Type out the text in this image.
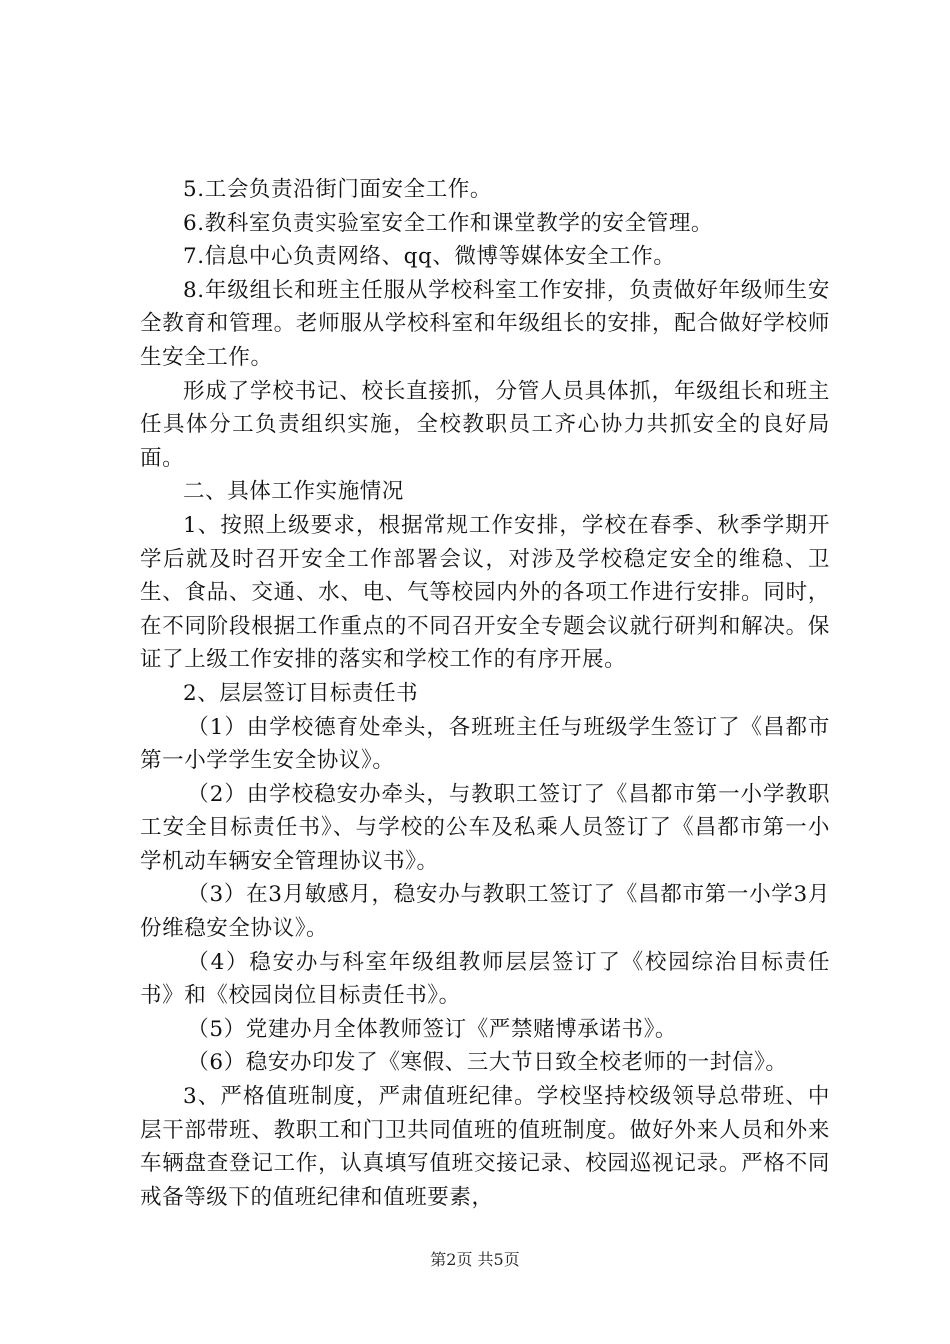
5.工会负责沿街门面安全工作。

6.教科室负责实验室安全工作和课堂教学的安全管理。

7.信息中心负责网络、qq、微博等媒体安全工作。

8.年级组长和班主任服从学校科室工作安排，负责做好年级师生安全教育和管理。老师服从学校科室和年级组长的安排，配合做好学校师生安全工作。

形成了学校书记、校长直接抓，分管人员具体抓，年级组长和班主任具体分工负责组织实施，全校教职员工齐心协力共抓安全的良好局面。

二、具体工作实施情况

1、按照上级要求，根据常规工作安排，学校在春季、秋季学期开学后就及时召开安全工作部署会议，对涉及学校稳定安全的维稳、卫生、食品、交通、水、电、气等校园内外的各项工作进行安排。同时，在不同阶段根据工作重点的不同召开安全专题会议就行研判和解决。保证了上级工作安排的落实和学校工作的有序开展。

2、层层签订目标责任书

（1）由学校德育处牵头，各班班主任与班级学生签订了《昌都市第一小学学生安全协议》。

（2）由学校稳安办牵头，与教职工签订了《昌都市第一小学教职工安全目标责任书》、与学校的公车及私乘人员签订了《昌都市第一小学机动车辆安全管理协议书》。

（3）在3月敏感月，稳安办与教职工签订了《昌都市第一小学3月份维稳安全协议》。

（4）稳安办与科室年级组教师层层签订了《校园综治目标责任书》和《校园岗位目标责任书》。

（5）党建办月全体教师签订《严禁赌博承诺书》。

（6）稳安办印发了《寒假、三大节日致全校老师的一封信》。

3、严格值班制度，严肃值班纪律。学校坚持校级领导总带班、中层干部带班、教职工和门卫共同值班的值班制度。做好外来人员和外来车辆盘查登记工作，认真填写值班交接记录、校园巡视记录。严格不同戒备等级下的值班纪律和值班要素，

第2页 共5页
